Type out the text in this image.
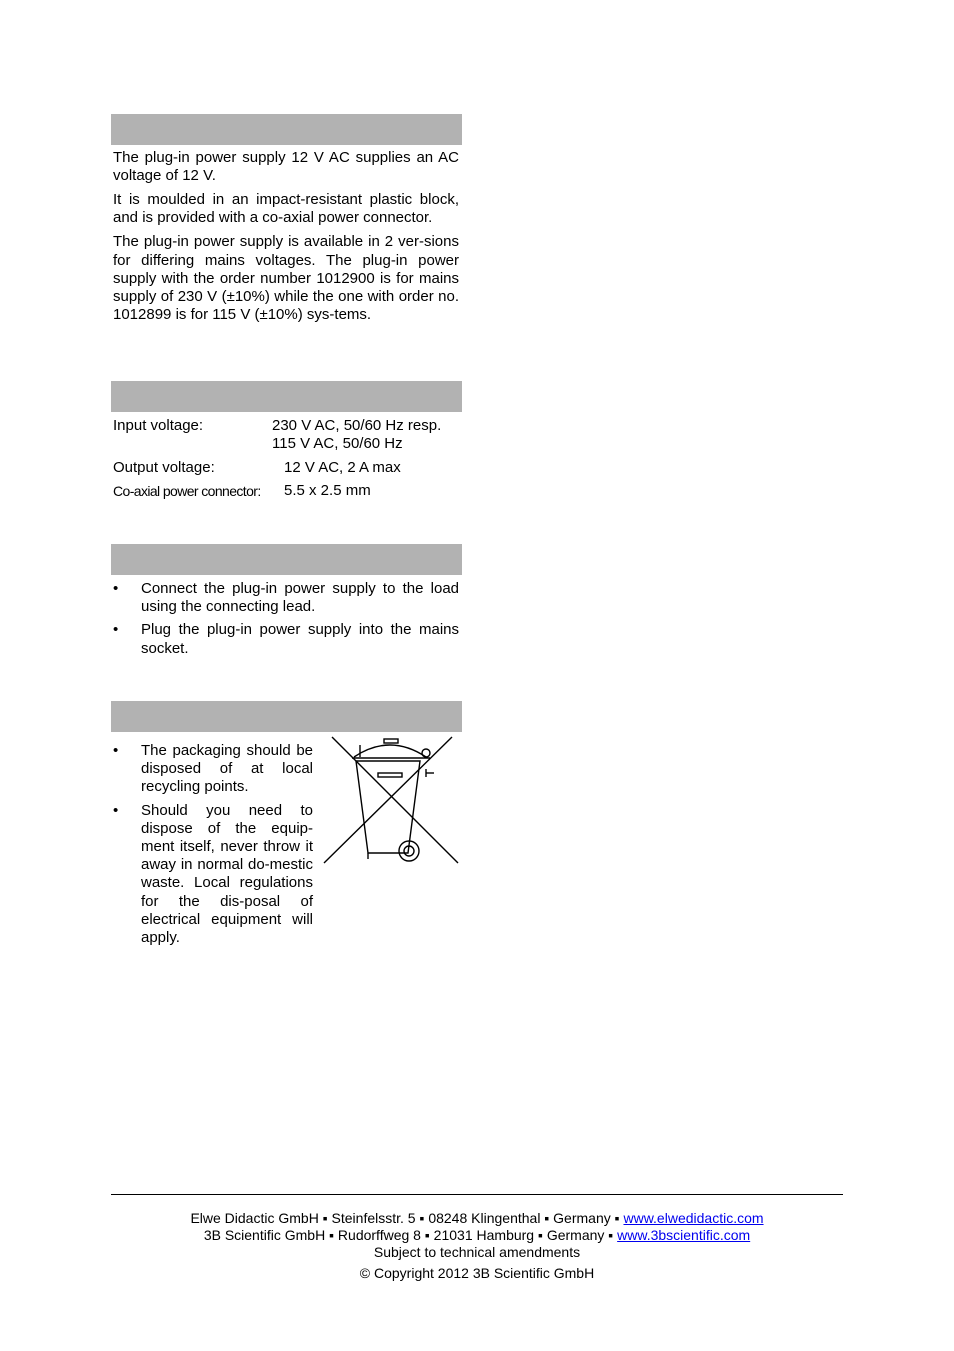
The plug-in power supply 12 V AC supplies an AC voltage of 12 V.

It is moulded in an impact-resistant plastic block, and is provided with a co-axial power connector.

The plug-in power supply is available in 2 ver-sions for differing mains voltages. The plug-in power supply with the order number 1012900 is for mains supply of 230 V (±10%) while the one with order no. 1012899 is for 115 V (±10%) sys-tems.

Input voltage:	230 V AC, 50/60 Hz resp.
115 V AC, 50/60 Hz
Output voltage:	12 V AC, 2 A max
Co-axial power connector: 5.5 x 2.5 mm
• Connect the plug-in power supply to the load using the connecting lead.
• Plug the plug-in power supply into the mains socket.
• The packaging should be disposed of at local recycling points.
• Should you need to dispose of the equip-ment itself, never throw it away in normal do-mestic waste. Local regulations for the dis-posal of electrical equipment will apply.
Elwe Didactic GmbH ▪ Steinfelsstr. 5 ▪ 08248 Klingenthal ▪ Germany ▪ www.elwedidactic.com
3B Scientific GmbH ▪ Rudorffweg 8 ▪ 21031 Hamburg ▪ Germany ▪ www.3bscientific.com
Subject to technical amendments
© Copyright 2012 3B Scientific GmbH
